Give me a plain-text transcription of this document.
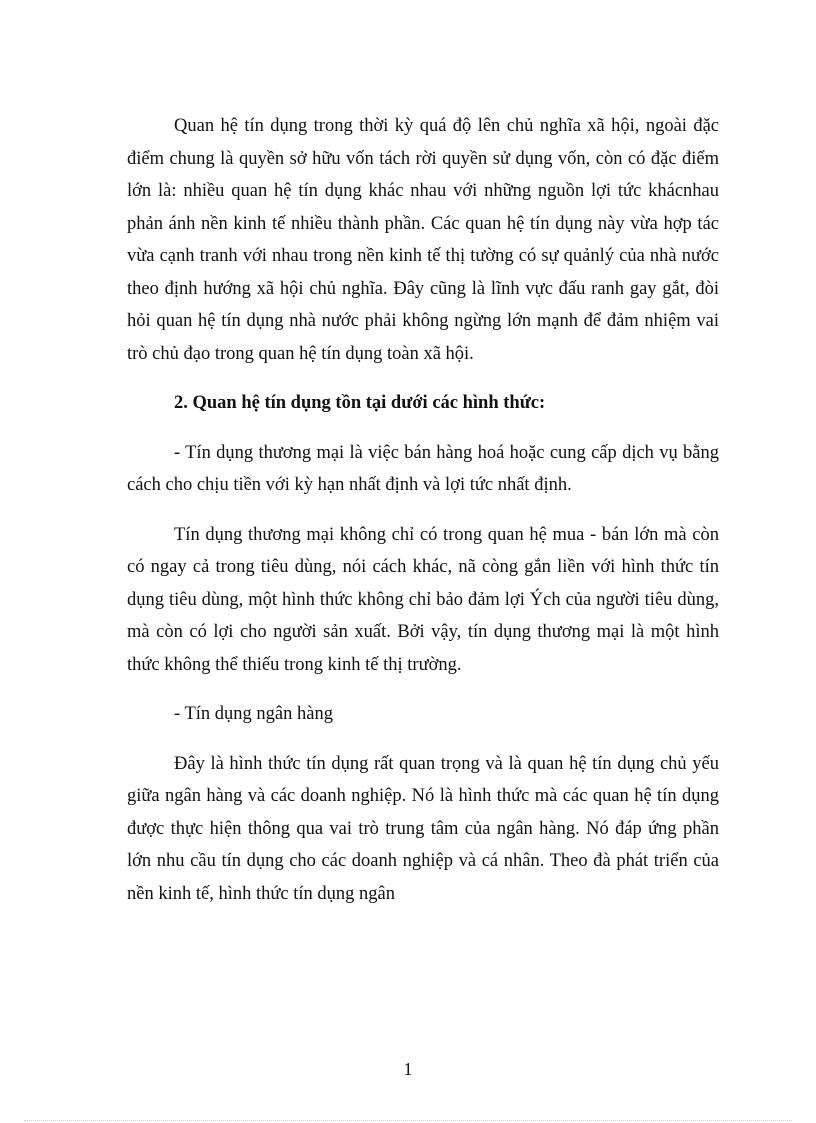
Quan hệ tín dụng trong thời kỳ quá độ lên chủ nghĩa xã hội, ngoài đặc điểm chung là quyền sở hữu vốn tách rời quyền sử dụng vốn, còn có đặc điểm lớn là: nhiều quan hệ tín dụng khác nhau với những nguồn lợi tức khácnhau phản ánh nền kinh tế nhiều thành phần. Các quan hệ tín dụng này vừa hợp tác vừa cạnh tranh với nhau trong nền kinh tế thị tường có sự quảnlý của nhà nước theo định hướng xã hội chủ nghĩa. Đây cũng là lĩnh vực đấu ranh gay gắt, đòi hỏi quan hệ tín dụng nhà nước phải không ngừng lớn mạnh để đảm nhiệm vai trò chủ đạo trong quan hệ tín dụng toàn xã hội.

2. Quan hệ tín dụng tồn tại dưới các hình thức:

- Tín dụng thương mại là việc bán hàng hoá hoặc cung cấp dịch vụ bằng cách cho chịu tiền với kỳ hạn nhất định và lợi tức nhất định.

Tín dụng thương mại không chỉ có trong quan hệ mua - bán lớn mà còn có ngay cả trong tiêu dùng, nói cách khác, nã còng gắn liền với hình thức tín dụng tiêu dùng, một hình thức không chỉ bảo đảm lợi Ých của người tiêu dùng, mà còn có lợi cho người sản xuất. Bởi vậy, tín dụng thương mại là một hình thức không thể thiếu trong kinh tế thị trường.

- Tín dụng ngân hàng

Đây là hình thức tín dụng rất quan trọng và là quan hệ tín dụng chủ yếu giữa ngân hàng và các doanh nghiệp. Nó là hình thức mà các quan hệ tín dụng được thực hiện thông qua vai trò trung tâm của ngân hàng. Nó đáp ứng phần lớn nhu cầu tín dụng cho các doanh nghiệp và cá nhân. Theo đà phát triển của nền kinh tế, hình thức tín dụng ngân

1
